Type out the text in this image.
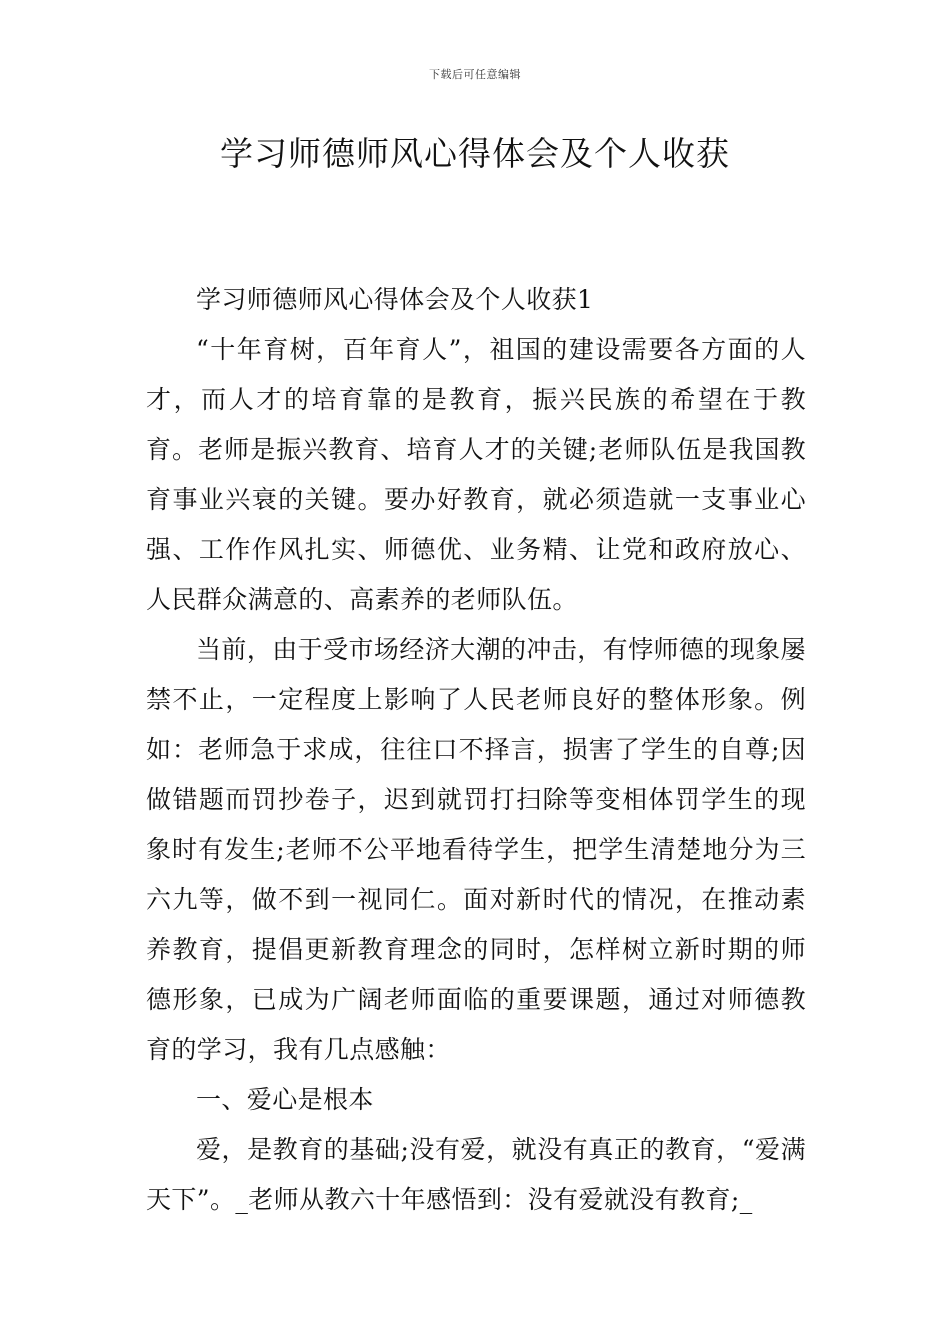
下载后可任意编辑
学习师德师风心得体会及个人收获

学习师德师风心得体会及个人收获1

“十年育树，百年育人”，祖国的建设需要各方面的人才，而人才的培育靠的是教育，振兴民族的希望在于教育。老师是振兴教育、培育人才的关键;老师队伍是我国教育事业兴衰的关键。要办好教育，就必须造就一支事业心强、工作作风扎实、师德优、业务精、让党和政府放心、人民群众满意的、高素养的老师队伍。

当前，由于受市场经济大潮的冲击，有悖师德的现象屡禁不止，一定程度上影响了人民老师良好的整体形象。例如：老师急于求成，往往口不择言，损害了学生的自尊;因做错题而罚抄卷子，迟到就罚打扫除等变相体罚学生的现象时有发生;老师不公平地看待学生，把学生清楚地分为三六九等，做不到一视同仁。面对新时代的情况，在推动素养教育，提倡更新教育理念的同时，怎样树立新时期的师德形象，已成为广阔老师面临的重要课题，通过对师德教育的学习，我有几点感触：

一、爱心是根本

爱，是教育的基础;没有爱，就没有真正的教育，“爱满天下”。_老师从教六十年感悟到：没有爱就没有教育;_
